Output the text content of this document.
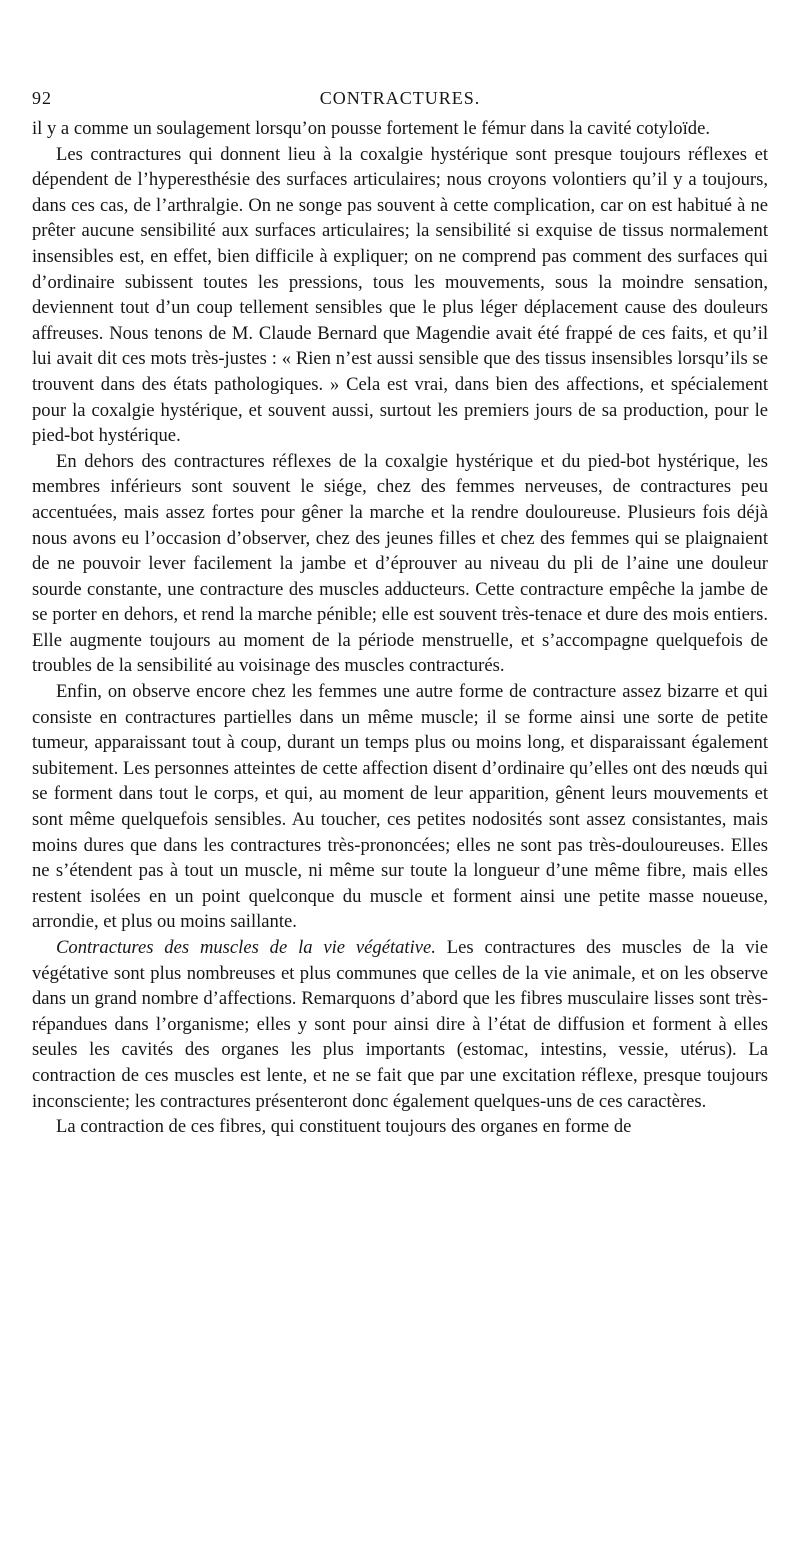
92	CONTRACTURES.

il y a comme un soulagement lorsqu’on pousse fortement le fémur dans la cavité cotyloïde.

Les contractures qui donnent lieu à la coxalgie hystérique sont presque toujours réflexes et dépendent de l’hyperesthésie des surfaces articulaires; nous croyons volontiers qu’il y a toujours, dans ces cas, de l’arthralgie. On ne songe pas souvent à cette complication, car on est habitué à ne prêter aucune sensibilité aux surfaces articulaires; la sensibilité si exquise de tissus normalement insensibles est, en effet, bien difficile à expliquer; on ne comprend pas comment des surfaces qui d’ordinaire subissent toutes les pressions, tous les mouvements, sous la moindre sensation, deviennent tout d’un coup tellement sensibles que le plus léger déplacement cause des douleurs affreuses. Nous tenons de M. Claude Bernard que Magendie avait été frappé de ces faits, et qu’il lui avait dit ces mots très-justes : « Rien n’est aussi sensible que des tissus insensibles lorsqu’ils se trouvent dans des états pathologiques. » Cela est vrai, dans bien des affections, et spécialement pour la coxalgie hystérique, et souvent aussi, surtout les premiers jours de sa production, pour le pied-bot hystérique.

En dehors des contractures réflexes de la coxalgie hystérique et du pied-bot hystérique, les membres inférieurs sont souvent le siége, chez des femmes nerveuses, de contractures peu accentuées, mais assez fortes pour gêner la marche et la rendre douloureuse. Plusieurs fois déjà nous avons eu l’occasion d’observer, chez des jeunes filles et chez des femmes qui se plaignaient de ne pouvoir lever facilement la jambe et d’éprouver au niveau du pli de l’aine une douleur sourde constante, une contracture des muscles adducteurs. Cette contracture empêche la jambe de se porter en dehors, et rend la marche pénible; elle est souvent très-tenace et dure des mois entiers. Elle augmente toujours au moment de la période menstruelle, et s’accompagne quelquefois de troubles de la sensibilité au voisinage des muscles contracturés.

Enfin, on observe encore chez les femmes une autre forme de contracture assez bizarre et qui consiste en contractures partielles dans un même muscle; il se forme ainsi une sorte de petite tumeur, apparaissant tout à coup, durant un temps plus ou moins long, et disparaissant également subitement. Les personnes atteintes de cette affection disent d’ordinaire qu’elles ont des nœuds qui se forment dans tout le corps, et qui, au moment de leur apparition, gênent leurs mouvements et sont même quelquefois sensibles. Au toucher, ces petites nodosités sont assez consistantes, mais moins dures que dans les contractures très-prononcées; elles ne sont pas très-douloureuses. Elles ne s’étendent pas à tout un muscle, ni même sur toute la longueur d’une même fibre, mais elles restent isolées en un point quelconque du muscle et forment ainsi une petite masse noueuse, arrondie, et plus ou moins saillante.

Contractures des muscles de la vie végétative. Les contractures des muscles de la vie végétative sont plus nombreuses et plus communes que celles de la vie animale, et on les observe dans un grand nombre d’affections. Remarquons d’abord que les fibres musculaire lisses sont très-répandues dans l’organisme; elles y sont pour ainsi dire à l’état de diffusion et forment à elles seules les cavités des organes les plus importants (estomac, intestins, vessie, utérus). La contraction de ces muscles est lente, et ne se fait que par une excitation réflexe, presque toujours inconsciente; les contractures présenteront donc également quelques-uns de ces caractères.

La contraction de ces fibres, qui constituent toujours des organes en forme de
